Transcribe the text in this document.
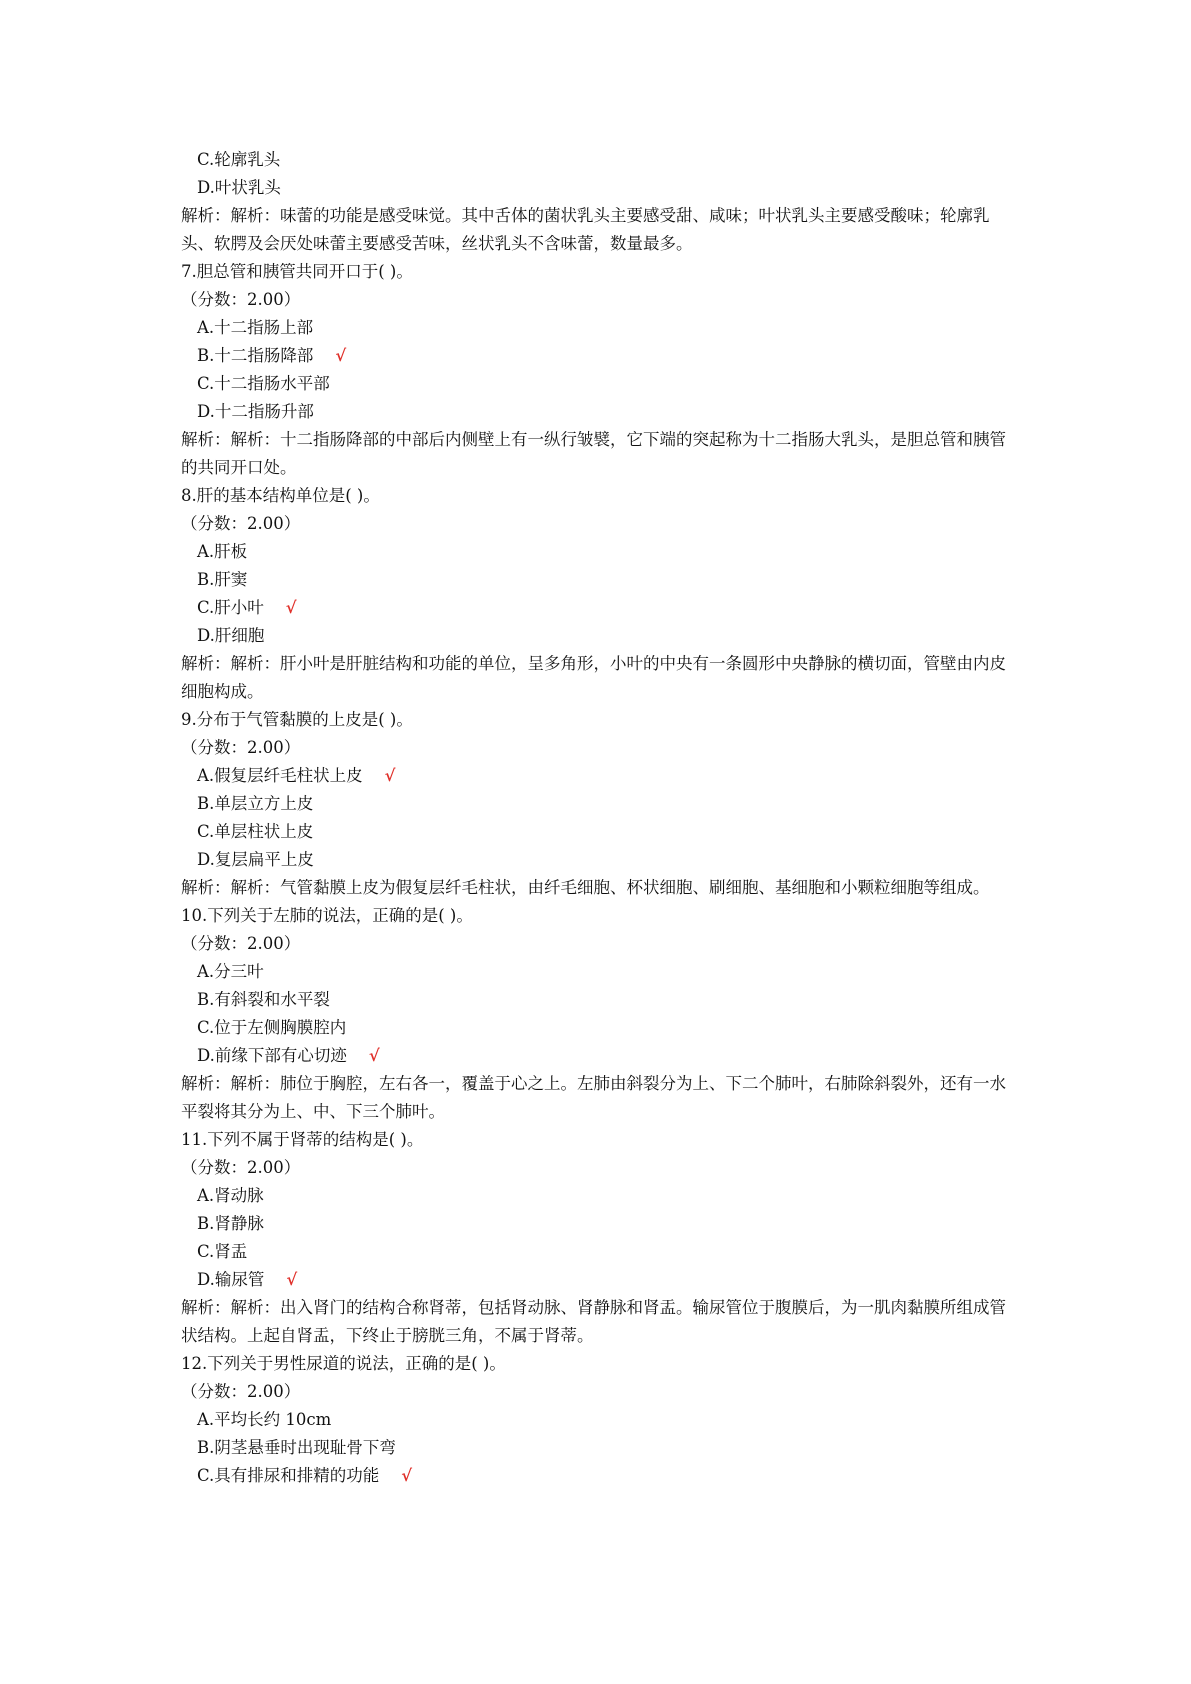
C.轮廓乳头
D.叶状乳头
解析：解析：味蕾的功能是感受味觉。其中舌体的菌状乳头主要感受甜、咸味；叶状乳头主要感受酸味；轮廓乳头、软腭及会厌处味蕾主要感受苦味，丝状乳头不含味蕾，数量最多。
7.胆总管和胰管共同开口于( )。
（分数：2.00）
A.十二指肠上部
B.十二指肠降部 √
C.十二指肠水平部
D.十二指肠升部
解析：解析：十二指肠降部的中部后内侧壁上有一纵行皱襞，它下端的突起称为十二指肠大乳头，是胆总管和胰管的共同开口处。
8.肝的基本结构单位是( )。
（分数：2.00）
A.肝板
B.肝窦
C.肝小叶 √
D.肝细胞
解析：解析：肝小叶是肝脏结构和功能的单位，呈多角形，小叶的中央有一条圆形中央静脉的横切面，管壁由内皮细胞构成。
9.分布于气管黏膜的上皮是( )。
（分数：2.00）
A.假复层纤毛柱状上皮 √
B.单层立方上皮
C.单层柱状上皮
D.复层扁平上皮
解析：解析：气管黏膜上皮为假复层纤毛柱状，由纤毛细胞、杯状细胞、刷细胞、基细胞和小颗粒细胞等组成。
10.下列关于左肺的说法，正确的是( )。
（分数：2.00）
A.分三叶
B.有斜裂和水平裂
C.位于左侧胸膜腔内
D.前缘下部有心切迹 √
解析：解析：肺位于胸腔，左右各一，覆盖于心之上。左肺由斜裂分为上、下二个肺叶，右肺除斜裂外，还有一水平裂将其分为上、中、下三个肺叶。
11.下列不属于肾蒂的结构是( )。
（分数：2.00）
A.肾动脉
B.肾静脉
C.肾盂
D.输尿管 √
解析：解析：出入肾门的结构合称肾蒂，包括肾动脉、肾静脉和肾盂。输尿管位于腹膜后，为一肌肉黏膜所组成管状结构。上起自肾盂，下终止于膀胱三角，不属于肾蒂。
12.下列关于男性尿道的说法，正确的是( )。
（分数：2.00）
A.平均长约 10cm
B.阴茎悬垂时出现耻骨下弯
C.具有排尿和排精的功能 √
